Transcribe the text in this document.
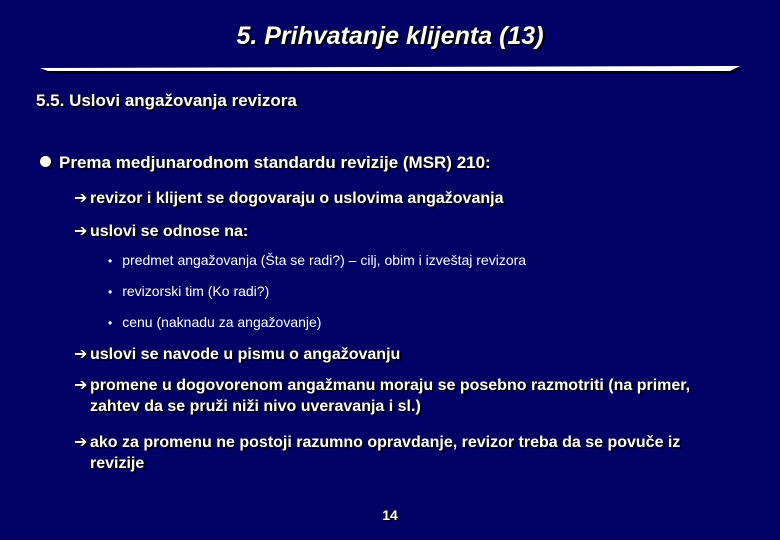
5. Prihvatanje klijenta (13)
5.5. Uslovi angažovanja revizora
Prema medjunarodnom standardu revizije (MSR) 210:
➔ revizor i klijent se dogovaraju o uslovima angažovanja
➔ uslovi se odnose na:
• predmet angažovanja (Šta se radi?) – cilj, obim i izveštaj revizora
• revizorski tim (Ko radi?)
• cenu (naknadu za angažovanje)
➔ uslovi se navode u pismu o angažovanju
➔ promene u dogovorenom angažmanu moraju se posebno razmotriti (na primer, zahtev da se pruži niži nivo uveravanja i sl.)
➔ ako za promenu ne postoji razumno opravdanje, revizor treba da se povuče iz revizije
14
